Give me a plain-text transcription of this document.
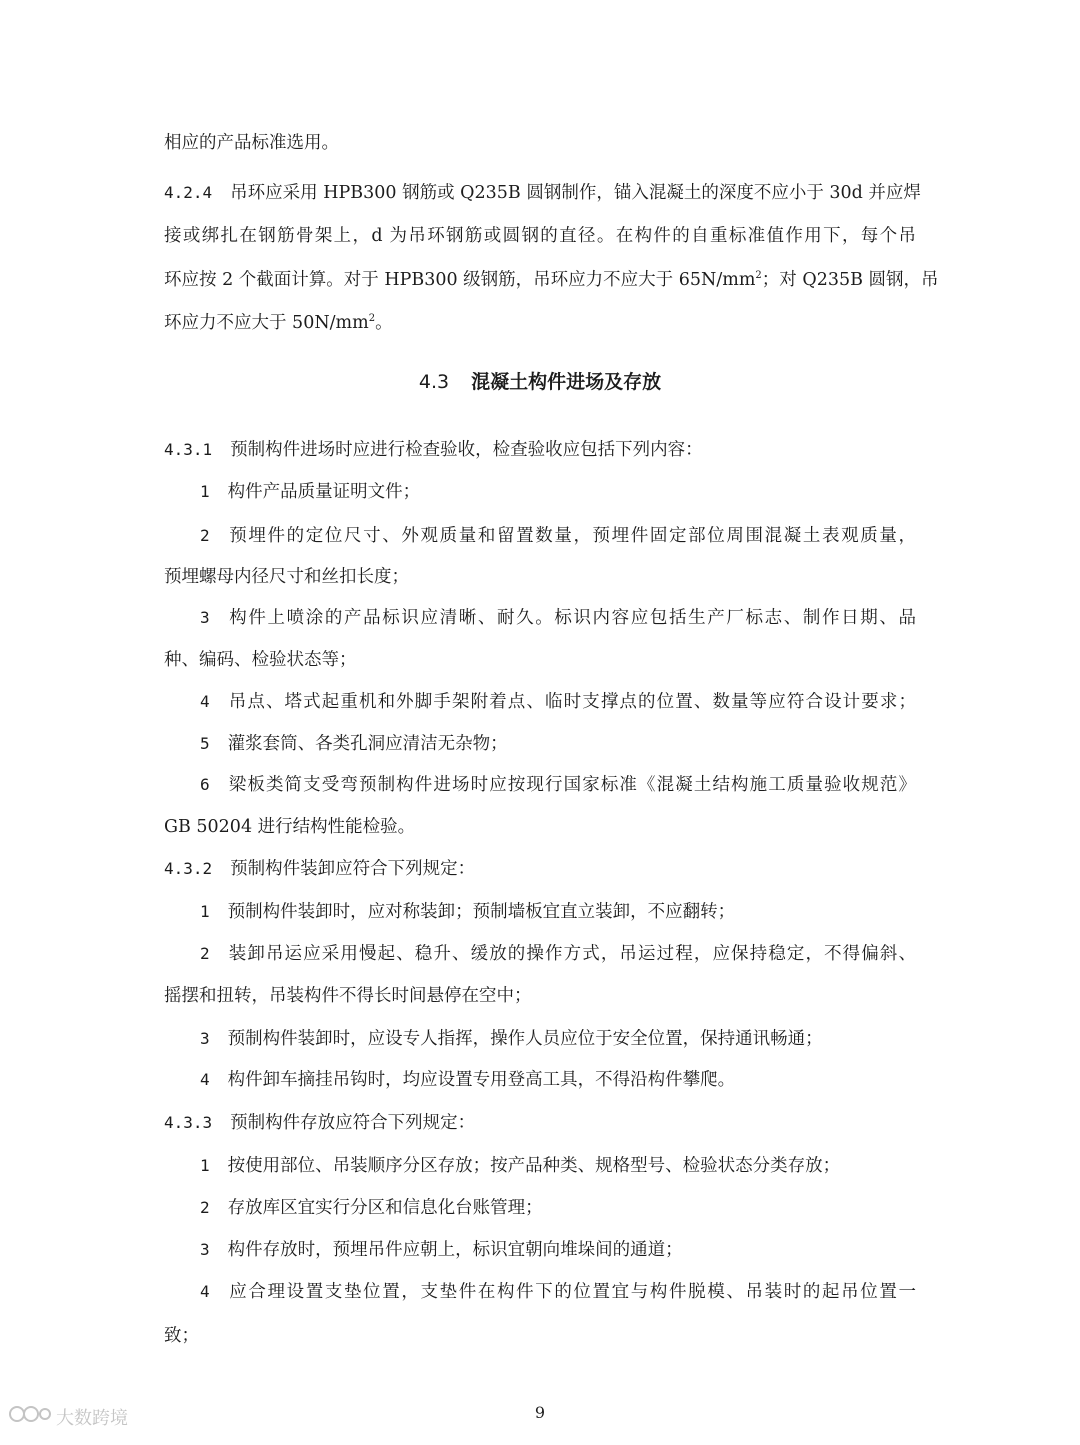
相应的产品标准选用。
4.2.4 吊环应采用 HPB300 钢筋或 Q235B 圆钢制作，锚入混凝土的深度不应小于 30d 并应焊
接或绑扎在钢筋骨架上，d 为吊环钢筋或圆钢的直径。在构件的自重标准值作用下，每个吊
环应按 2 个截面计算。对于 HPB300 级钢筋，吊环应力不应大于 $65N/mm^2$；对 Q235B 圆钢，吊
环应力不应大于 $50N/mm^2$。
4.3 混凝土构件进场及存放
4.3.1 预制构件进场时应进行检查验收，检查验收应包括下列内容：
1 构件产品质量证明文件；
2 预埋件的定位尺寸、外观质量和留置数量，预埋件固定部位周围混凝土表观质量，
预埋螺母内径尺寸和丝扣长度；
3 构件上喷涂的产品标识应清晰、耐久。标识内容应包括生产厂标志、制作日期、品
种、编码、检验状态等；
4 吊点、塔式起重机和外脚手架附着点、临时支撑点的位置、数量等应符合设计要求；
5 灌浆套筒、各类孔洞应清洁无杂物；
6 梁板类简支受弯预制构件进场时应按现行国家标准《混凝土结构施工质量验收规范》
GB 50204 进行结构性能检验。
4.3.2 预制构件装卸应符合下列规定：
1 预制构件装卸时，应对称装卸；预制墙板宜直立装卸，不应翻转；
2 装卸吊运应采用慢起、稳升、缓放的操作方式，吊运过程，应保持稳定，不得偏斜、
摇摆和扭转，吊装构件不得长时间悬停在空中；
3 预制构件装卸时，应设专人指挥，操作人员应位于安全位置，保持通讯畅通；
4 构件卸车摘挂吊钩时，均应设置专用登高工具，不得沿构件攀爬。
4.3.3 预制构件存放应符合下列规定：
1 按使用部位、吊装顺序分区存放；按产品种类、规格型号、检验状态分类存放；
2 存放库区宜实行分区和信息化台账管理；
3 构件存放时，预埋吊件应朝上，标识宜朝向堆垛间的通道；
4 应合理设置支垫位置，支垫件在构件下的位置宜与构件脱模、吊装时的起吊位置一
致；
9
大数跨境
